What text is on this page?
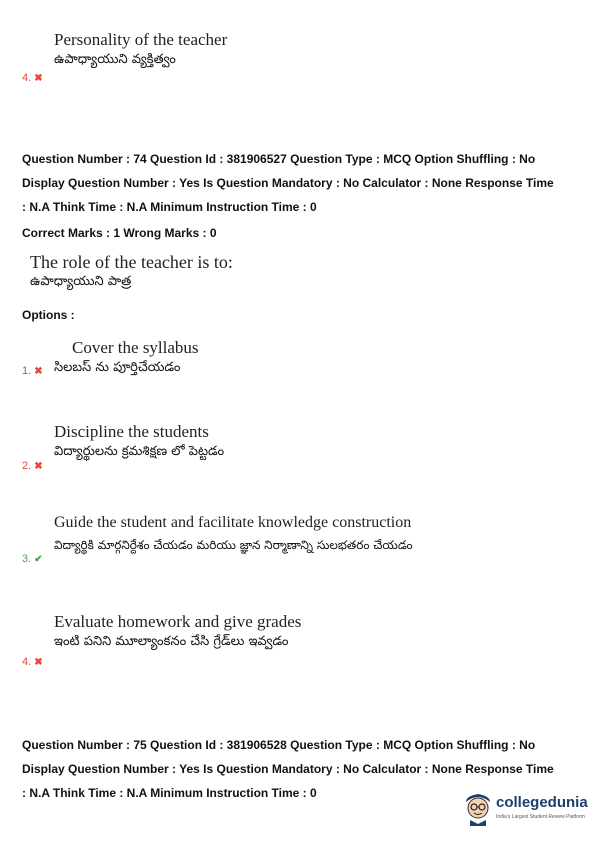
Personality of the teacher
ఉపాధ్యాయుని వ్యక్తిత్వం
4. ✖
Question Number : 74 Question Id : 381906527 Question Type : MCQ Option Shuffling : No
Display Question Number : Yes Is Question Mandatory : No Calculator : None Response Time
: N.A Think Time : N.A Minimum Instruction Time : 0
Correct Marks : 1 Wrong Marks : 0
The role of the teacher is to:
ఉపాధ్యాయుని పాత్ర
Options :
Cover the syllabus
1. ✖ సిలబస్ ను పూర్తిచేయడం
Discipline the students
విద్యార్థులను క్రమశిక్షణ లో పెట్టడం
2. ✖
Guide the student and facilitate knowledge construction
విద్యార్థికి మార్గనిర్దేశం చేయడం మరియు జ్ఞాన నిర్మాణాన్ని సులభతరం చేయడం
3. ✔
Evaluate homework and give grades
ఇంటి పనిని మూల్యాంకనం చేసి గ్రేడ్‌లు ఇవ్వడం
4. ✖
Question Number : 75 Question Id : 381906528 Question Type : MCQ Option Shuffling : No
Display Question Number : Yes Is Question Mandatory : No Calculator : None Response Time
: N.A Think Time : N.A Minimum Instruction Time : 0
collegedunia
India's Largest Student Review Platform
